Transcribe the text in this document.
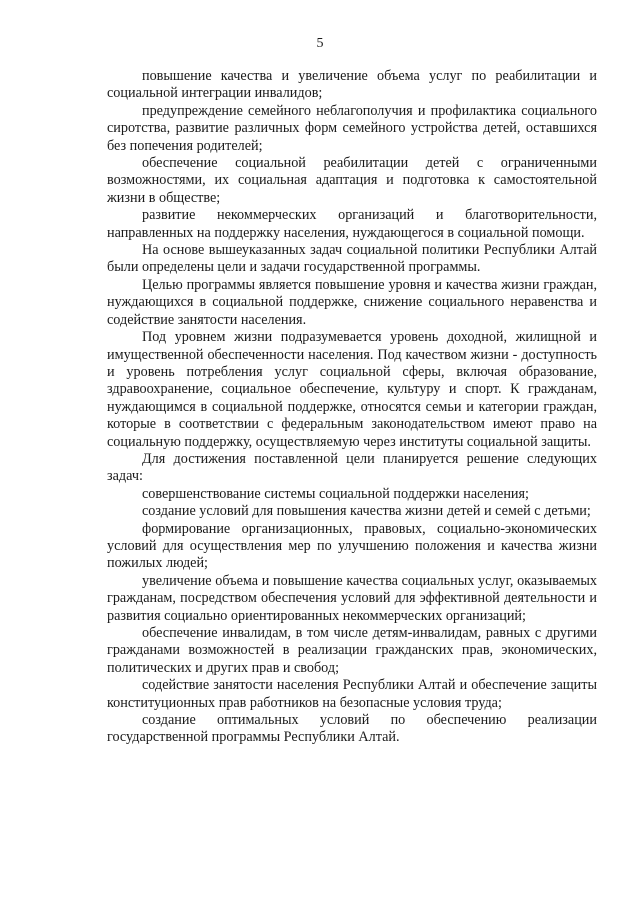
5

повышение качества и увеличение объема услуг по реабилитации и социальной интеграции инвалидов;

предупреждение семейного неблагополучия и профилактика социального сиротства, развитие различных форм семейного устройства детей, оставшихся без попечения родителей;

обеспечение социальной реабилитации детей с ограниченными возможностями, их социальная адаптация и подготовка к самостоятельной жизни в обществе;

развитие некоммерческих организаций и благотворительности, направленных на поддержку населения, нуждающегося в социальной помощи.

На основе вышеуказанных задач социальной политики Республики Алтай были определены цели и задачи государственной программы.

Целью программы является повышение уровня и качества жизни граждан, нуждающихся в социальной поддержке, снижение социального неравенства и содействие занятости населения.

Под уровнем жизни подразумевается уровень доходной, жилищной и имущественной обеспеченности населения. Под качеством жизни - доступность и уровень потребления услуг социальной сферы, включая образование, здравоохранение, социальное обеспечение, культуру и спорт. К гражданам, нуждающимся в социальной поддержке, относятся семьи и категории граждан, которые в соответствии с федеральным законодательством имеют право на социальную поддержку, осуществляемую через институты социальной защиты.

Для достижения поставленной цели планируется решение следующих задач:

совершенствование системы социальной поддержки населения;

создание условий для повышения качества жизни детей и семей с детьми;

формирование организационных, правовых, социально-экономических условий для осуществления мер по улучшению положения и качества жизни пожилых людей;

увеличение объема и повышение качества социальных услуг, оказываемых гражданам, посредством обеспечения условий для эффективной деятельности и развития социально ориентированных некоммерческих организаций;

обеспечение инвалидам, в том числе детям-инвалидам, равных с другими гражданами возможностей в реализации гражданских прав, экономических, политических и других прав и свобод;

содействие занятости населения Республики Алтай и обеспечение защиты конституционных прав работников на безопасные условия труда;

создание оптимальных условий по обеспечению реализации государственной программы Республики Алтай.
